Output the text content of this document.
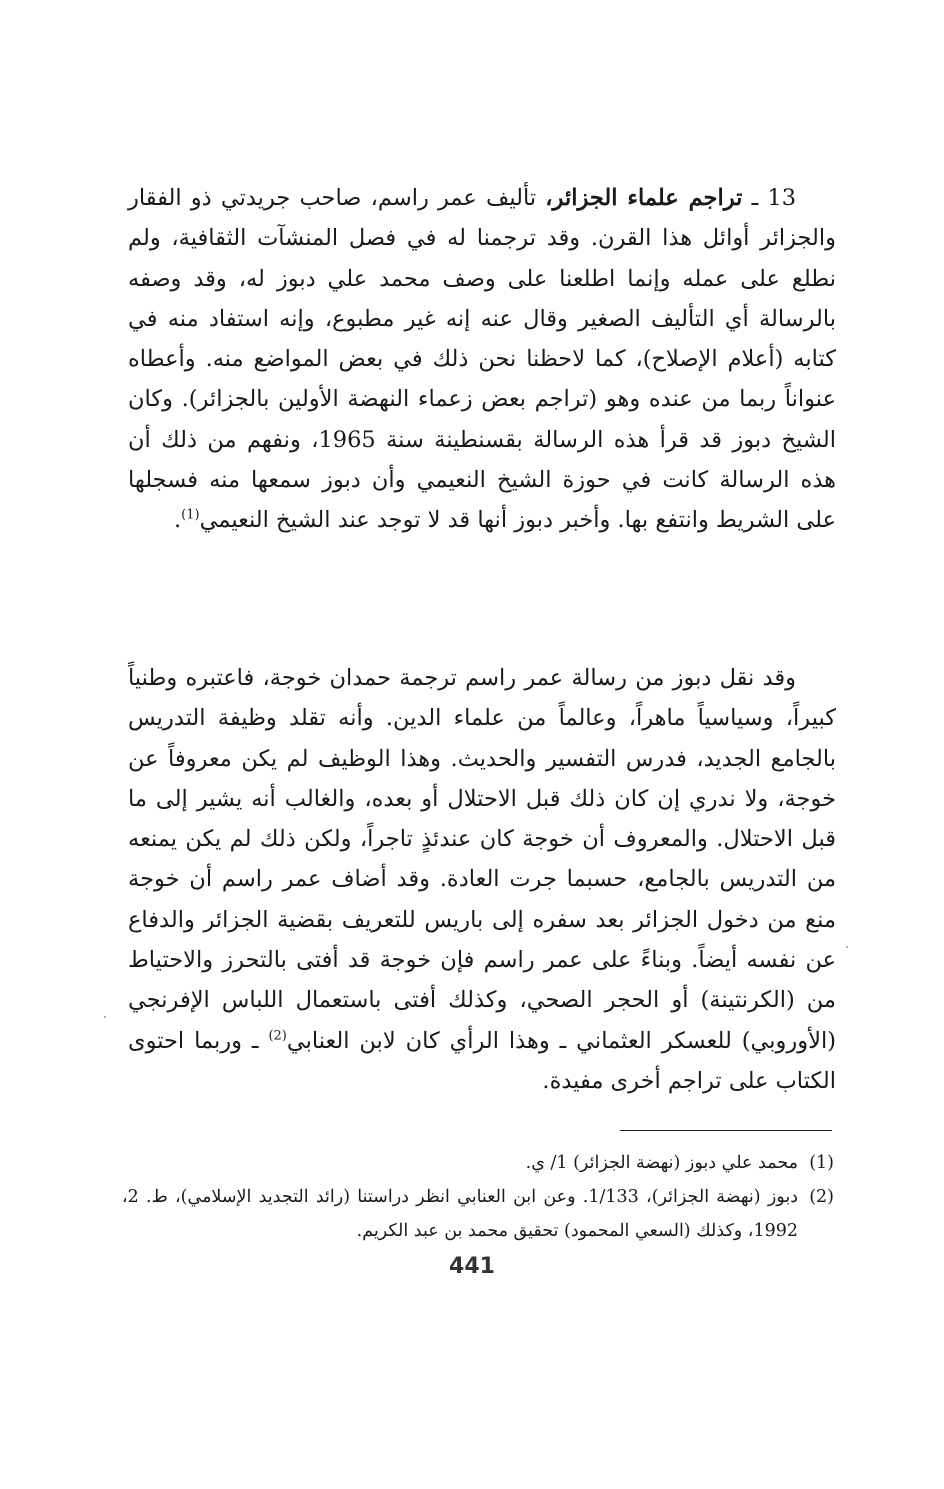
13 ـ تراجم علماء الجزائر، تأليف عمر راسم، صاحب جريدتي ذو الفقار والجزائر أوائل هذا القرن. وقد ترجمنا له في فصل المنشآت الثقافية، ولم نطلع على عمله وإنما اطلعنا على وصف محمد علي دبوز له، وقد وصفه بالرسالة أي التأليف الصغير وقال عنه إنه غير مطبوع، وإنه استفاد منه في كتابه (أعلام الإصلاح)، كما لاحظنا نحن ذلك في بعض المواضع منه. وأعطاه عنواناً ربما من عنده وهو (تراجم بعض زعماء النهضة الأولين بالجزائر). وكان الشيخ دبوز قد قرأ هذه الرسالة بقسنطينة سنة 1965، ونفهم من ذلك أن هذه الرسالة كانت في حوزة الشيخ النعيمي وأن دبوز سمعها منه فسجلها على الشريط وانتفع بها. وأخبر دبوز أنها قد لا توجد عند الشيخ النعيمي$^{(1)}$.

وقد نقل دبوز من رسالة عمر راسم ترجمة حمدان خوجة، فاعتبره وطنياً كبيراً، وسياسياً ماهراً، وعالماً من علماء الدين. وأنه تقلد وظيفة التدريس بالجامع الجديد، فدرس التفسير والحديث. وهذا الوظيف لم يكن معروفاً عن خوجة، ولا ندري إن كان ذلك قبل الاحتلال أو بعده، والغالب أنه يشير إلى ما قبل الاحتلال. والمعروف أن خوجة كان عندئذٍ تاجراً، ولكن ذلك لم يكن يمنعه من التدريس بالجامع، حسبما جرت العادة. وقد أضاف عمر راسم أن خوجة منع من دخول الجزائر بعد سفره إلى باريس للتعريف بقضية الجزائر والدفاع عن نفسه أيضاً. وبناءً على عمر راسم فإن خوجة قد أفتى بالتحرز والاحتياط من (الكرنتينة) أو الحجر الصحي، وكذلك أفتى باستعمال اللباس الإفرنجي (الأوروبي) للعسكر العثماني ـ وهذا الرأي كان لابن العنابي$^{(2)}$ ـ وربما احتوى الكتاب على تراجم أخرى مفيدة.

(1)
محمد علي دبوز (نهضة الجزائر) 1/ ي.
(2)
دبوز (نهضة الجزائر)، 1/133. وعن ابن العنابي انظر دراستنا (رائد التجديد الإسلامي)، ط. 2، 1992، وكذلك (السعي المحمود) تحقيق محمد بن عبد الكريم.
441
